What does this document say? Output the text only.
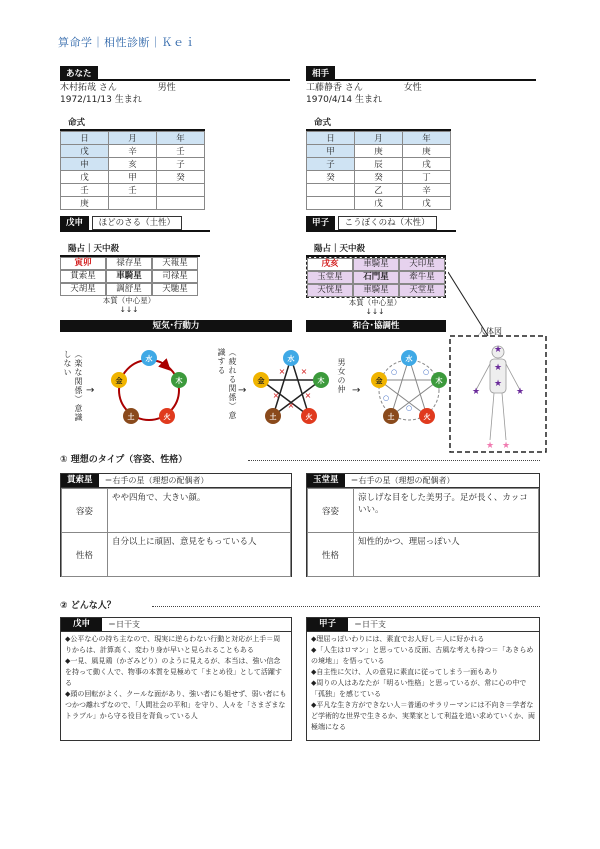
算命学｜相性診断｜Ｋｅｉ
あなた
木村拓哉 さん	男性
1972/11/13 生まれ
命式
日	月	年
戊	辛	壬
申	亥	子
戊	甲	癸
壬	壬	
庚		
戊申 ほどのさる（土性）
陽占｜天中殺
寅卯	禄存星	天報星
貫索星	車騎星	司禄星
天胡星	調舒星	天馳星
本質（中心星）
↓↓↓
短気･行動力
相手
工藤静香 さん	女性
1970/4/14 生まれ
命式
日	月	年
甲	庚	庚
子	辰	戌
癸	癸	丁
	乙	辛
	戊	戊
甲子 こうぼくのね（木性）
陽占｜天中殺
戌亥	車騎星	天印星
玉堂星	石門星	牽牛星
天恍星	車騎星	天堂星
本質（中心星）
↓↓↓
和合･協調性
人体図
★
★
★	★
★
★ ★
（楽な関係）意識しない	（疲れる関係）意識する	男女の仲
→	→	→
水
木
火
土
金
× ×
×
×
×
水
木
火
土
金
○	○
○
○
水
木
火
土
金
① 理想のタイプ（容姿、性格）
貫索星	＝右手の星（理想の配偶者）
容姿	やや四角で、大きい顔。
性格	自分以上に頑固、意見をもっている人
玉堂星	＝右手の星（理想の配偶者）
容姿	涼しげな目をした美男子。足が長く、カッコいい。
性格	知性的かつ、理屈っぽい人
② どんな人？
戊申	＝日干支
◆公平な心の持ち主なので、現実に逆らわない行動と対応が上手＝周りからは、計算高く、変わり身が早いと見られることもある
◆一見、風見鶏（かざみどり）のように見えるが、本当は、強い信念を持って動く人で、物事の本質を見極めて「まとめ役」として活躍する
◆頭の回転がよく、クールな面があり、強い者にも姐せず、弱い者にもつかつ離れずなので、「人間社会の平和」を守り、人々を「さまざまなトラブル」から守る役目を背負っている人
甲子	＝日干支
◆理屈っぽいわりには、素直でお人好し＝人に好かれる
◆「人生はロマン」と思っている反面、古風な考えも持つ＝「あきらめの境地」」を悟っている
◆自主性に欠け、人の意見に素直に従ってしまう一面もあり
◆周りの人はあなたが「明るい性格」と思っているが、常に心の中で「孤独」を感じている
◆平凡な生き方ができない人＝普通のサラリーマンには不向き＝学者など学術的な世界で生きるか、実業家として利益を追い求めていくか、両極端になる
